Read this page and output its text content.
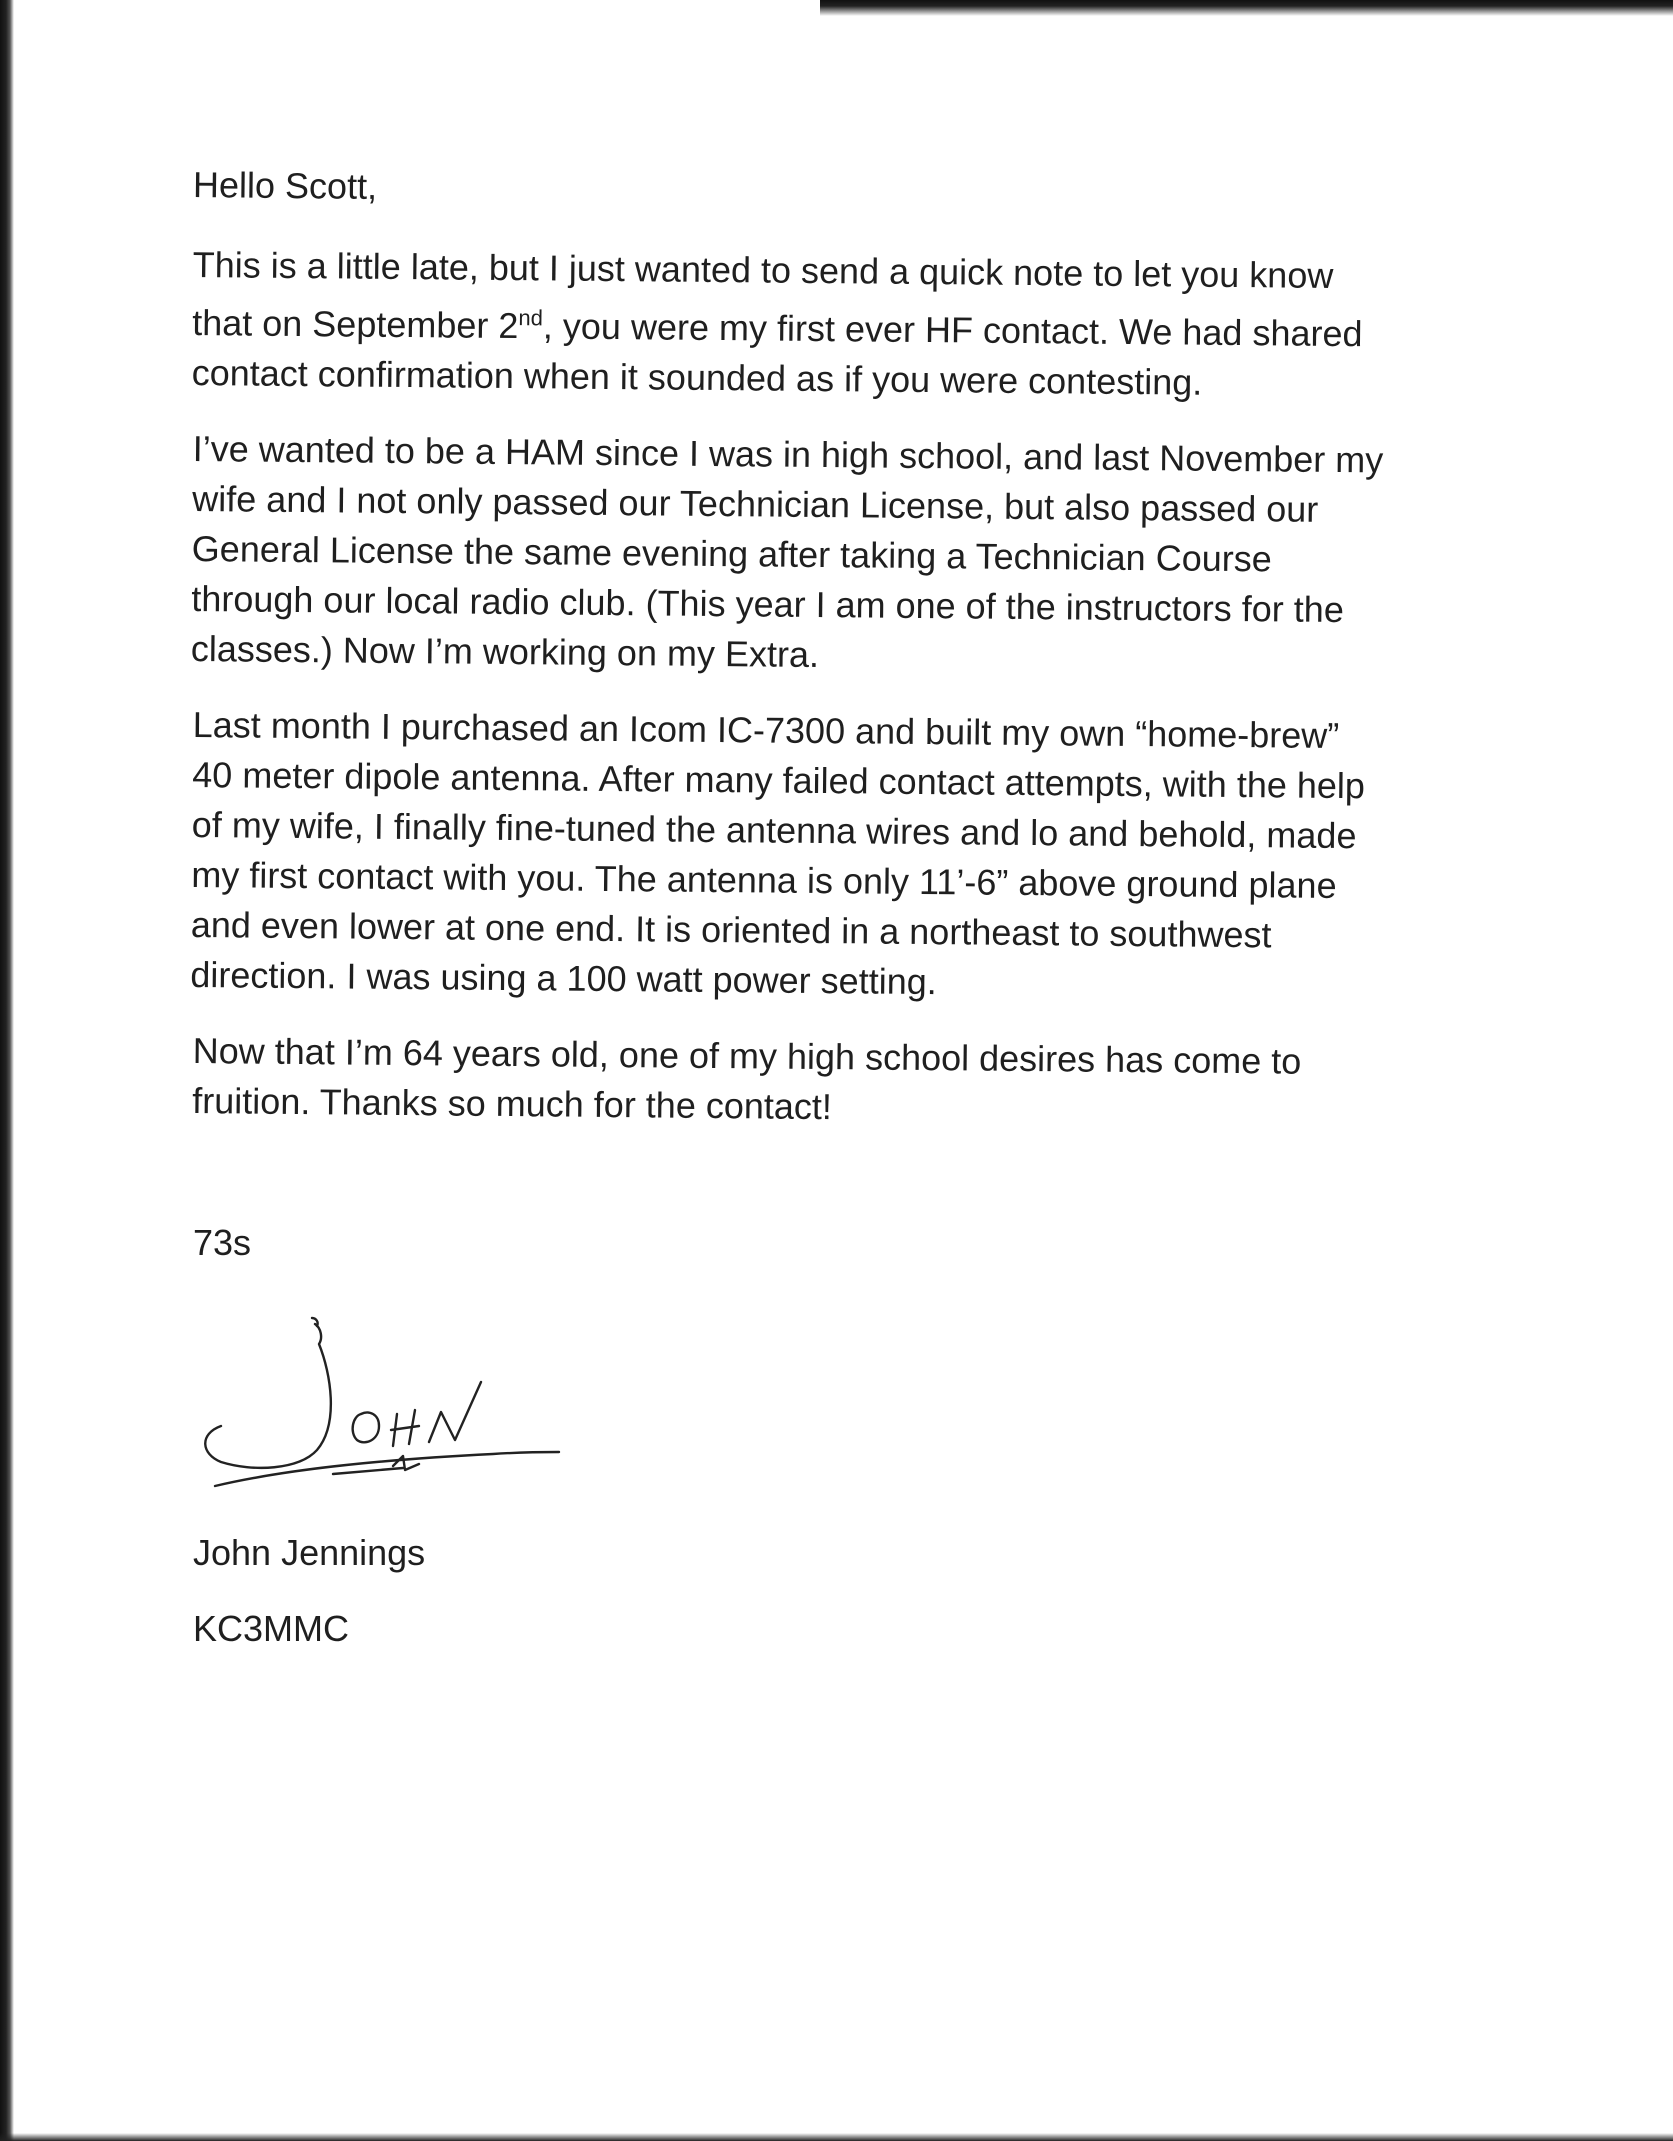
Hello Scott,

This is a little late, but I just wanted to send a quick note to let you know

that on September 2nd, you were my first ever HF contact. We had shared

contact confirmation when it sounded as if you were contesting.

I’ve wanted to be a HAM since I was in high school, and last November my

wife and I not only passed our Technician License, but also passed our

General License the same evening after taking a Technician Course

through our local radio club. (This year I am one of the instructors for the

classes.) Now I’m working on my Extra.

Last month I purchased an Icom IC-7300 and built my own “home-brew”

40 meter dipole antenna. After many failed contact attempts, with the help

of my wife, I finally fine-tuned the antenna wires and lo and behold, made

my first contact with you. The antenna is only 11’-6” above ground plane

and even lower at one end. It is oriented in a northeast to southwest

direction. I was using a 100 watt power setting.

Now that I’m 64 years old, one of my high school desires has come to

fruition. Thanks so much for the contact!

73s

John Jennings

KC3MMC
